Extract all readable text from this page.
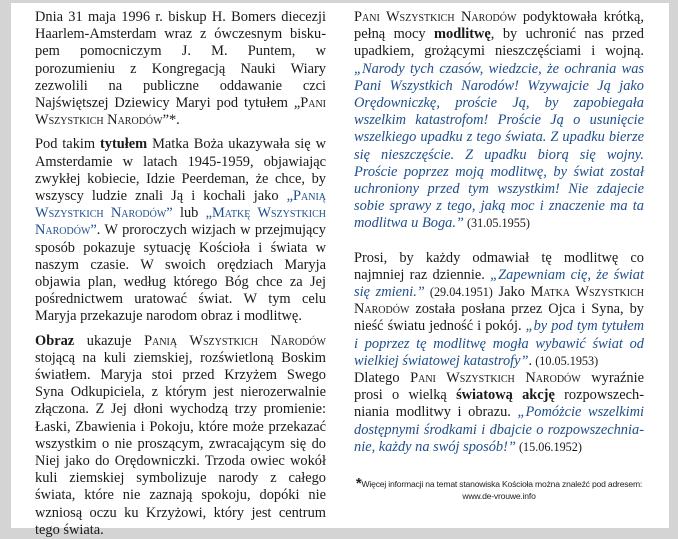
Dnia 31 maja 1996 r. biskup H. Bomers diecezji Haarlem-Amsterdam wraz z ówczesnym biskupem pomocniczym J. M. Puntem, w porozumieniu z Kongregacją Nauki Wiary zezwolili na publiczne oddawanie czci Najświętszej Dziewicy Maryi pod tytułem „Pani Wszystkich Narodów”*.

Pod takim tytułem Matka Boża ukazywała się w Amsterdamie w latach 1945-1959, objawiając zwykłej kobiecie, Idzie Peerdeman, że chce, by wszyscy ludzie znali Ją i kochali jako „Panią Wszystkich Narodów” lub „Matkę Wszystkich Narodów”. W proroczych wizjach w przejmujący sposób pokazuje sytuację Kościoła i świata w naszym czasie. W swoich orędziach Maryja objawia plan, według którego Bóg chce za Jej pośrednictwem uratować świat. W tym celu Maryja przekazuje narodom obraz i modlitwę.

Obraz ukazuje Panią Wszystkich Narodów stojącą na kuli ziemskiej, rozświetloną Boskim światłem. Maryja stoi przed Krzyżem Swego Syna Odkupiciela, z którym jest nierozerwalnie złączona. Z Jej dłoni wychodzą trzy promienie: Łaski, Zbawienia i Pokoju, które może przekazać wszystkim o nie proszącym, zwracającym się do Niej jako do Orędowniczki. Trzoda owiec wokół kuli ziemskiej symbolizuje narody z całego świata, które nie zaznają spokoju, dopóki nie wzniosą oczu ku Krzyżowi, który jest centrum tego świata.

Pani Wszystkich Narodów podyktowała krótką, pełną mocy modlitwę, by uchronić nas przed upadkiem, grożącymi nieszczęściami i wojną. „Narody tych czasów, wiedzcie, że ochrania was Pani Wszystkich Narodów! Wzywajcie Ją jako Orędowniczkę, proście Ją, by zapobiegała wszelkim katastrofom! Proście Ją o usunięcie wszelkiego upadku z tego świata. Z upadku bierze się nieszczęście. Z upadku biorą się wojny. Proście poprzez moją modlitwę, by świat został uchroniony przed tym wszystkim! Nie zdajecie sobie sprawy z tego, jaką moc i znaczenie ma ta modlitwa u Boga.” (31.05.1955)

Prosi, by każdy odmawiał tę modlitwę co najmniej raz dziennie. „Zapewniam cię, że świat się zmieni.” (29.04.1951) Jako Matka Wszystkich Narodów została posłana przez Ojca i Syna, by nieść światu jedność i pokój. „by pod tym tytułem i poprzez tę modlitwę mogła wybawić świat od wielkiej światowej katastrofy”. (10.05.1953)

Dlatego Pani Wszystkich Narodów wyraźnie prosi o wielką światową akcję rozpowszechniania modlitwy i obrazu. „Pomóżcie wszelkimi dostępnymi środkami i dbajcie o rozpowszechnianie, każdy na swój sposób!” (15.06.1952)

*Więcej informacji na temat stanowiska Kościoła można znaleźć pod adresem:
www.de-vrouwe.info
